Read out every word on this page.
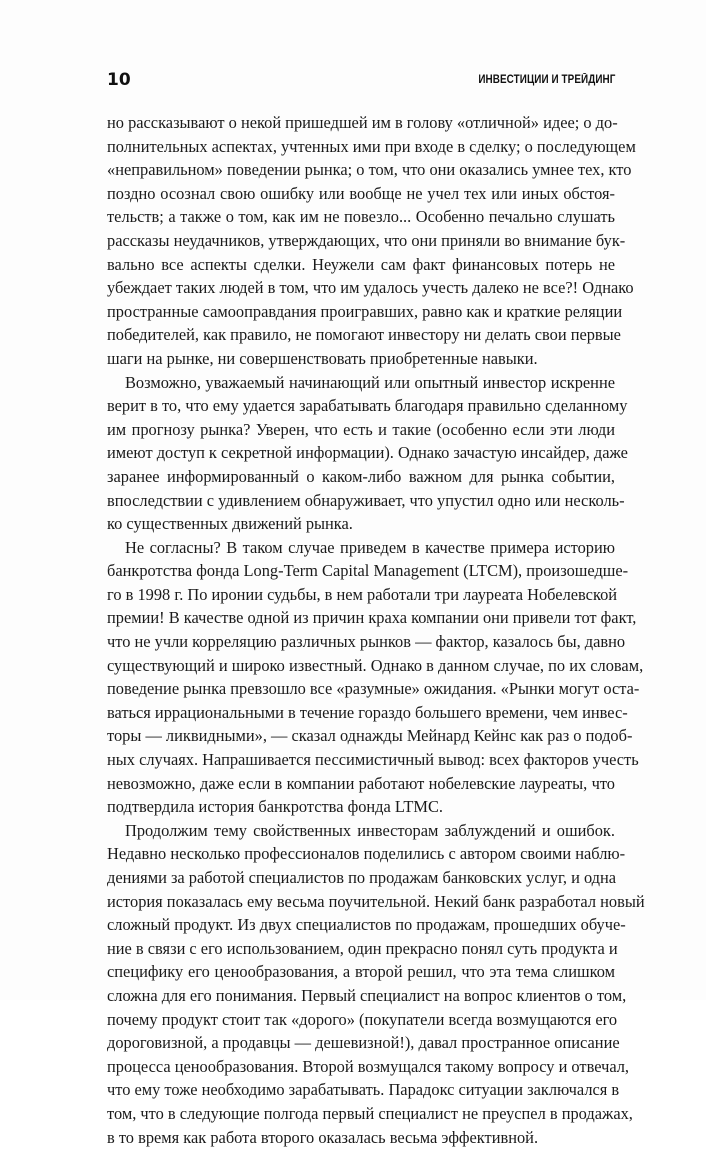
10	ИНВЕСТИЦИИ И ТРЕЙДИНГ
но рассказывают о некой пришедшей им в голову «отличной» идее; о до-
полнительных аспектах, учтенных ими при входе в сделку; о последующем
«неправильном» поведении рынка; о том, что они оказались умнее тех, кто
поздно осознал свою ошибку или вообще не учел тех или иных обстоя-
тельств; а также о том, как им не повезло... Особенно печально слушать
рассказы неудачников, утверждающих, что они приняли во внимание бук-
вально все аспекты сделки. Неужели сам факт финансовых потерь не
убеждает таких людей в том, что им удалось учесть далеко не все?! Однако
пространные самооправдания проигравших, равно как и краткие реляции
победителей, как правило, не помогают инвестору ни делать свои первые
шаги на рынке, ни совершенствовать приобретенные навыки.
Возможно, уважаемый начинающий или опытный инвестор искренне
верит в то, что ему удается зарабатывать благодаря правильно сделанному
им прогнозу рынка? Уверен, что есть и такие (особенно если эти люди
имеют доступ к секретной информации). Однако зачастую инсайдер, даже
заранее информированный о каком-либо важном для рынка событии,
впоследствии с удивлением обнаруживает, что упустил одно или несколь-
ко существенных движений рынка.
Не согласны? В таком случае приведем в качестве примера историю
банкротства фонда Long-Term Capital Management (LTCM), произошедше-
го в 1998 г. По иронии судьбы, в нем работали три лауреата Нобелевской
премии! В качестве одной из причин краха компании они привели тот факт,
что не учли корреляцию различных рынков — фактор, казалось бы, давно
существующий и широко известный. Однако в данном случае, по их словам,
поведение рынка превзошло все «разумные» ожидания. «Рынки могут оста-
ваться иррациональными в течение гораздо большего времени, чем инвес-
торы — ликвидными», — сказал однажды Мейнард Кейнс как раз о подоб-
ных случаях. Напрашивается пессимистичный вывод: всех факторов учесть
невозможно, даже если в компании работают нобелевские лауреаты, что
подтвердила история банкротства фонда LTMC.
Продолжим тему свойственных инвесторам заблуждений и ошибок.
Недавно несколько профессионалов поделились с автором своими наблю-
дениями за работой специалистов по продажам банковских услуг, и одна
история показалась ему весьма поучительной. Некий банк разработал новый
сложный продукт. Из двух специалистов по продажам, прошедших обуче-
ние в связи с его использованием, один прекрасно понял суть продукта и
специфику его ценообразования, а второй решил, что эта тема слишком
сложна для его понимания. Первый специалист на вопрос клиентов о том,
почему продукт стоит так «дорого» (покупатели всегда возмущаются его
дороговизной, а продавцы — дешевизной!), давал пространное описание
процесса ценообразования. Второй возмущался такому вопросу и отвечал,
что ему тоже необходимо зарабатывать. Парадокс ситуации заключался в
том, что в следующие полгода первый специалист не преуспел в продажах,
в то время как работа второго оказалась весьма эффективной.
